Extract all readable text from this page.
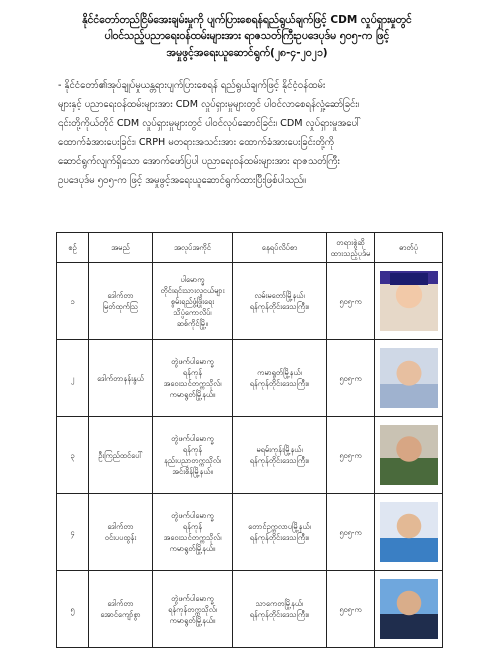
နိုင်ငံတော်တည်ငြိမ်အေးချမ်းမှုကို ပျက်ပြားစေရန်ရည်ရွယ်ချက်ဖြင့် CDM လှုပ်ရှားမှုတွင်
ပါဝင်သည့်ပညာရေးဝန်ထမ်းများအား ရာဇသတ်ကြီးဥပဒေပုဒ်မ ၅၀၅-က ဖြင့်
အမှုဖွင့်အရေးယူဆောင်ရွက်(၂၈-၄-၂၀၂၁)
- နိုင်ငံတော်၏အုပ်ချုပ်မှုယန္တရားပျက်ပြားစေရန် ရည်ရွယ်ချက်ဖြင့် နိုင်ငံ့ဝန်ထမ်း
များနှင့် ပညာရေးဝန်ထမ်းများအား CDM လှုပ်ရှားမှုများတွင် ပါဝင်လာစေရန်လှုံ့ဆော်ခြင်း၊
၎င်းတို့ကိုယ်တိုင် CDM လှုပ်ရှားမှုများတွင် ပါဝင်လုပ်ဆောင်ခြင်း၊ CDM လှုပ်ရှားမှုအပေါ်
ထောက်ခံအားပေးခြင်း၊ CRPH မတရားအသင်းအား ထောက်ခံအားပေးခြင်းတို့ကို
ဆောင်ရွက်လျက်ရှိသော အောက်ဖော်ပြပါ ပညာရေးဝန်ထမ်းများအား ရာဇသတ်ကြီး
ဥပဒေပုဒ်မ ၅၀၅-က ဖြင့် အမှုဖွင့်အရေးယူဆောင်ရွက်ထားပြီးဖြစ်ပါသည်။
စဉ်	အမည်	အလုပ်အကိုင်	နေရပ်လိပ်စာ	တရားစွဲဆို ထားသည့်ပုဒ်မ	ဓာတ်ပုံ
၁	ဒေါက်တာ
မြတ်ထုက်ဩ	ပါမောက္ခ
တိုင်းရင်းသားလူငယ်များ
စွမ်းရည်ဖွံ့ဖြိုးရေး
သိပ္ပံကောလိပ်၊
ဆစ်ကိုင်မြို့။	လမ်းမတော်မြို့နယ်၊
ရန်ကုန်တိုင်းဒေသကြီး။	၅၀၅-က	

၂	ဒေါက်တာနန်းနွယ်	တွဲဖက်ပါမောက္ခ
ရန်ကုန်
အဝေးသင်တက္ကသိုလ်၊
ကမာရွတ်မြို့နယ်။	ကမာရွတ်မြို့နယ်၊
ရန်ကုန်တိုင်းဒေသကြီး။	၅၀၅-က	

၃	ဦးကြည်ထင်ပေါ်	တွဲဖက်ပါမောက္ခ
ရန်ကုန်
နည်းပညာတက္ကသိုလ်၊
အင်းစိန်မြို့နယ်။	မရမ်းကုန်းမြို့နယ်၊
ရန်ကုန်တိုင်းဒေသကြီး။	၅၀၅-က	

၄	ဒေါက်တာ
ဝင်းပပထွန်း	တွဲဖက်ပါမောက္ခ
ရန်ကုန်
အဝေးသင်တက္ကသိုလ်၊
ကမာရွတ်မြို့နယ်။	တောင်ဥက္ကလာပမြို့နယ်၊
ရန်ကုန်တိုင်းဒေသကြီး။	၅၀၅-က	

၅	ဒေါက်တာ
အောင်ကျော်စွာ	တွဲဖက်ပါမောက္ခ
ရန်ကုန်တက္ကသိုလ်၊
ကမာရွတ်မြို့နယ်။	သာကေတမြို့နယ်၊
ရန်ကုန်တိုင်းဒေသကြီး။	၅၀၅-က	
